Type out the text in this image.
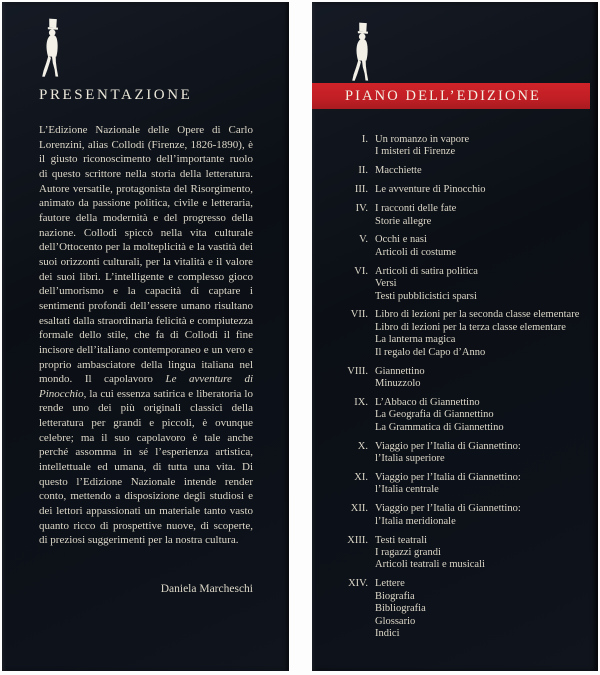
PRESENTAZIONE

L’Edizione Nazionale delle Opere di Carlo Lorenzini, alias Collodi (Firenze, 1826-1890), è il giusto riconoscimento dell’importante ruolo di questo scrittore nella storia della letteratura. Autore versatile, protagonista del Risorgimento, animato da passione politica, civile e letteraria, fautore della modernità e del progresso della nazione. Collodi spiccò nella vita culturale dell’Ottocento per la molteplicità e la vastità dei suoi orizzonti culturali, per la vitalità e il valore dei suoi libri. L’intelligente e complesso gioco dell’umorismo e la capacità di captare i sentimenti profondi dell’essere umano risultano esaltati dalla straordinaria felicità e compiutezza formale dello stile, che fa di Collodi il fine incisore dell’italiano contemporaneo e un vero e proprio ambasciatore della lingua italiana nel mondo. Il capolavoro Le avventure di Pinocchio, la cui essenza satirica e liberatoria lo rende uno dei più originali classici della letteratura per grandi e piccoli, è ovunque celebre; ma il suo capolavoro è tale anche perché assomma in sé l’esperienza artistica, intellettuale ed umana, di tutta una vita. Di questo l’Edizione Nazionale intende render conto, mettendo a disposizione degli studiosi e dei lettori appassionati un materiale tanto vasto quanto ricco di prospettive nuove, di scoperte, di preziosi suggerimenti per la nostra cultura.

Daniela Marcheschi
PIANO DELL’EDIZIONE
I. Un romanzo in vapore
I misteri di Firenze
II. Macchiette
III. Le avventure di Pinocchio
IV. I racconti delle fate
Storie allegre
V. Occhi e nasi
Articoli di costume
VI. Articoli di satira politica
Versi
Testi pubblicistici sparsi
VII. Libro di lezioni per la seconda classe elementare
Libro di lezioni per la terza classe elementare
La lanterna magica
Il regalo del Capo d’Anno
VIII. Giannettino
Minuzzolo
IX. L’Abbaco di Giannettino
La Geografia di Giannettino
La Grammatica di Giannettino
X. Viaggio per l’Italia di Giannettino:
l’Italia superiore
XI. Viaggio per l’Italia di Giannettino:
l’Italia centrale
XII. Viaggio per l’Italia di Giannettino:
l’Italia meridionale
XIII. Testi teatrali
I ragazzi grandi
Articoli teatrali e musicali
XIV. Lettere
Biografia
Bibliografia
Glossario
Indici
